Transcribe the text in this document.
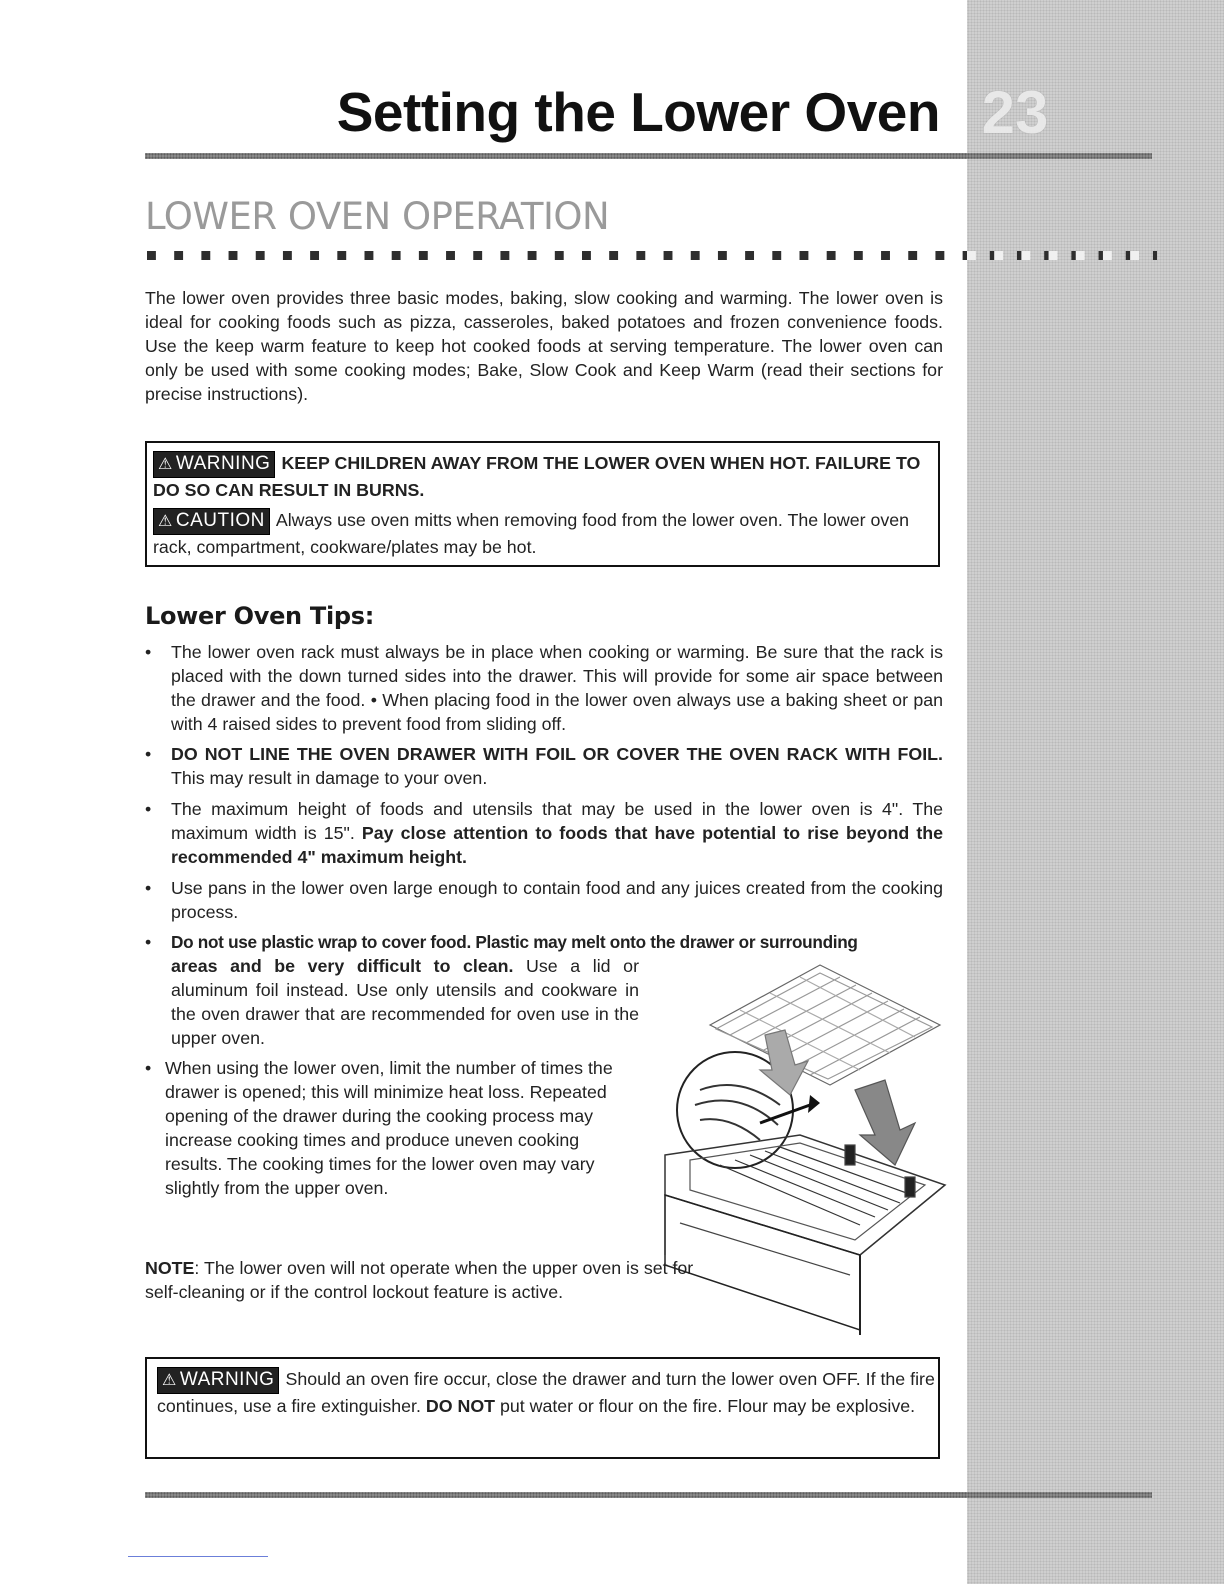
Setting the Lower Oven 23
LOWER OVEN OPERATION

The lower oven provides three basic modes, baking, slow cooking and warming. The lower oven is ideal for cooking foods such as pizza, casseroles, baked potatoes and frozen convenience foods. Use the keep warm feature to keep hot cooked foods at serving temperature. The lower oven can only be used with some cooking modes; Bake, Slow Cook and Keep Warm (read their sections for precise instructions).

⚠ WARNING KEEP CHILDREN AWAY FROM THE LOWER OVEN WHEN HOT. FAILURE TO DO SO CAN RESULT IN BURNS.

⚠ CAUTION Always use oven mitts when removing food from the lower oven. The lower oven rack, compartment, cookware/plates may be hot.

Lower Oven Tips:

•	The lower oven rack must always be in place when cooking or warming. Be sure that the rack is placed with the down turned sides into the drawer. This will provide for some air space between the drawer and the food. • When placing food in the lower oven always use a baking sheet or pan with 4 raised sides to prevent food from sliding off.

•	DO NOT LINE THE OVEN DRAWER WITH FOIL OR COVER THE OVEN RACK WITH FOIL. This may result in damage to your oven.

•	The maximum height of foods and utensils that may be used in the lower oven is 4". The maximum width is 15". Pay close attention to foods that have potential to rise beyond the recommended 4" maximum height.

•	Use pans in the lower oven large enough to contain food and any juices created from the cooking process.

•	Do not use plastic wrap to cover food. Plastic may melt onto the drawer or surrounding

areas and be very difficult to clean. Use a lid or aluminum foil instead. Use only utensils and cookware in the oven drawer that are recommended for oven use in the upper oven.

• When using the lower oven, limit the number of times the drawer is opened; this will minimize heat loss. Repeated opening of the drawer during the cooking process may increase cooking times and produce uneven cooking results. The cooking times for the lower oven may vary slightly from the upper oven.

NOTE: The lower oven will not operate when the upper oven is set for self-cleaning or if the control lockout feature is active.

⚠ WARNING Should an oven fire occur, close the drawer and turn the lower oven OFF. If the fire continues, use a fire extinguisher. DO NOT put water or flour on the fire. Flour may be explosive.
